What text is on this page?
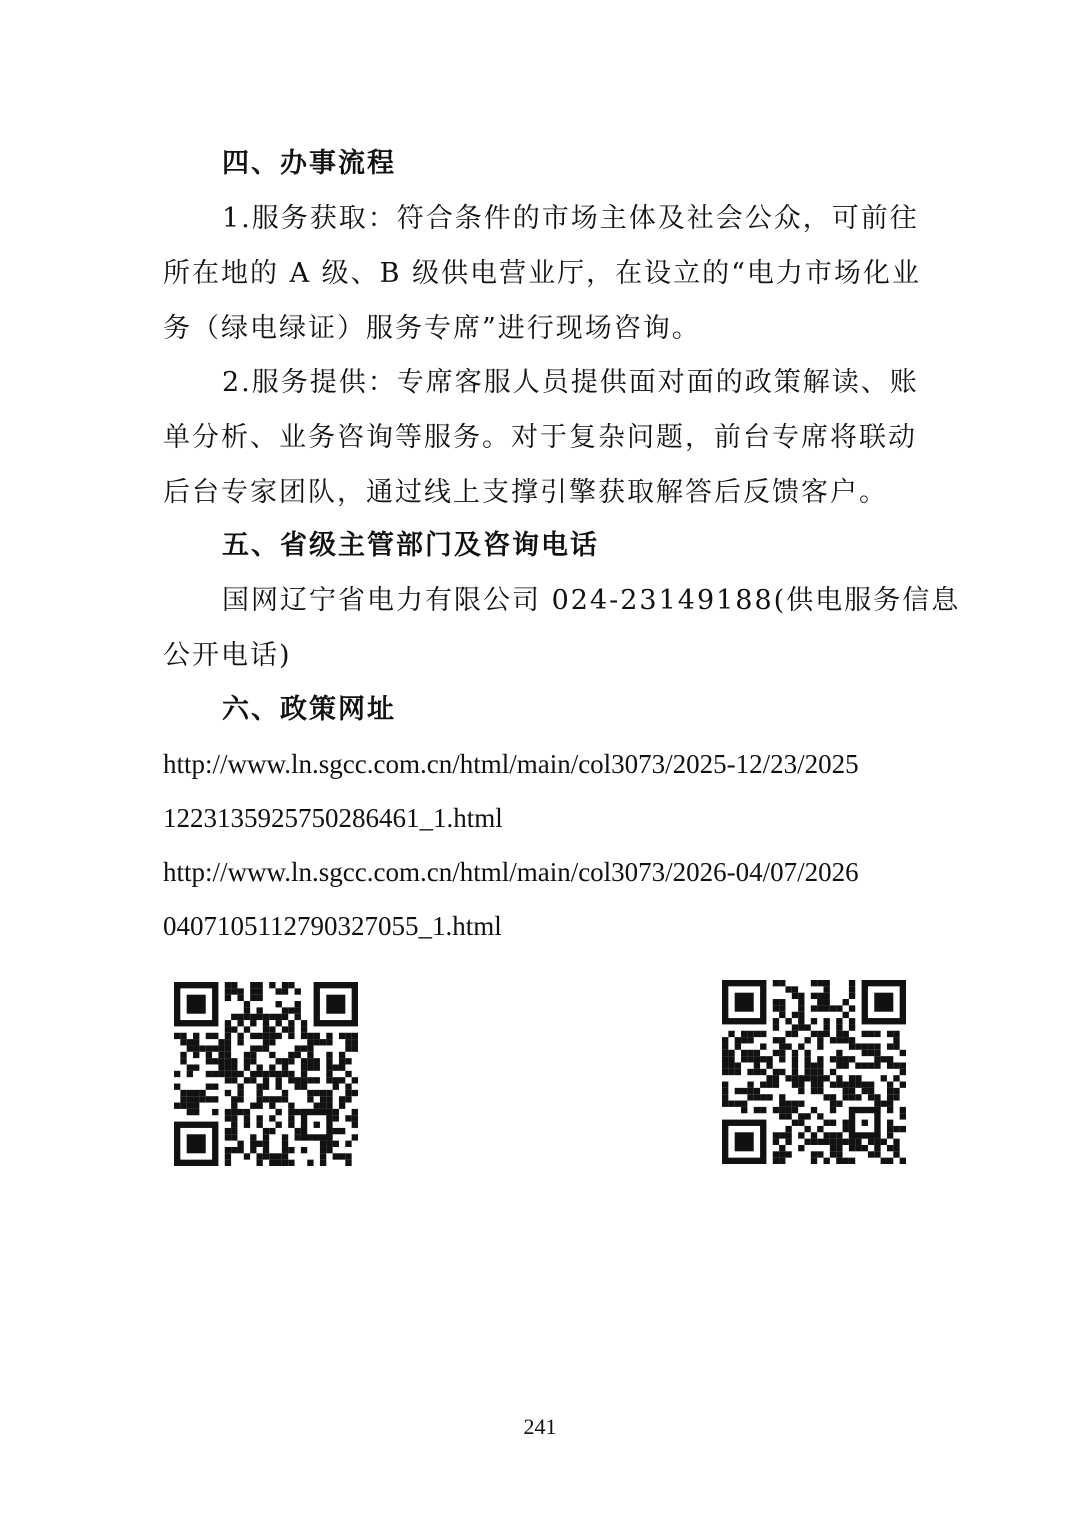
四、办事流程
1.服务获取：符合条件的市场主体及社会公众，可前往
所在地的 A 级、B 级供电营业厅，在设立的“电力市场化业
务（绿电绿证）服务专席”进行现场咨询。
2.服务提供：专席客服人员提供面对面的政策解读、账
单分析、业务咨询等服务。对于复杂问题，前台专席将联动
后台专家团队，通过线上支撑引擎获取解答后反馈客户。
五、省级主管部门及咨询电话
国网辽宁省电力有限公司 024-23149188(供电服务信息
公开电话)
六、政策网址
http://www.ln.sgcc.com.cn/html/main/col3073/2025-12/23/2025
1223135925750286461_1.html
http://www.ln.sgcc.com.cn/html/main/col3073/2026-04/07/2026
0407105112790327055_1.html
241
